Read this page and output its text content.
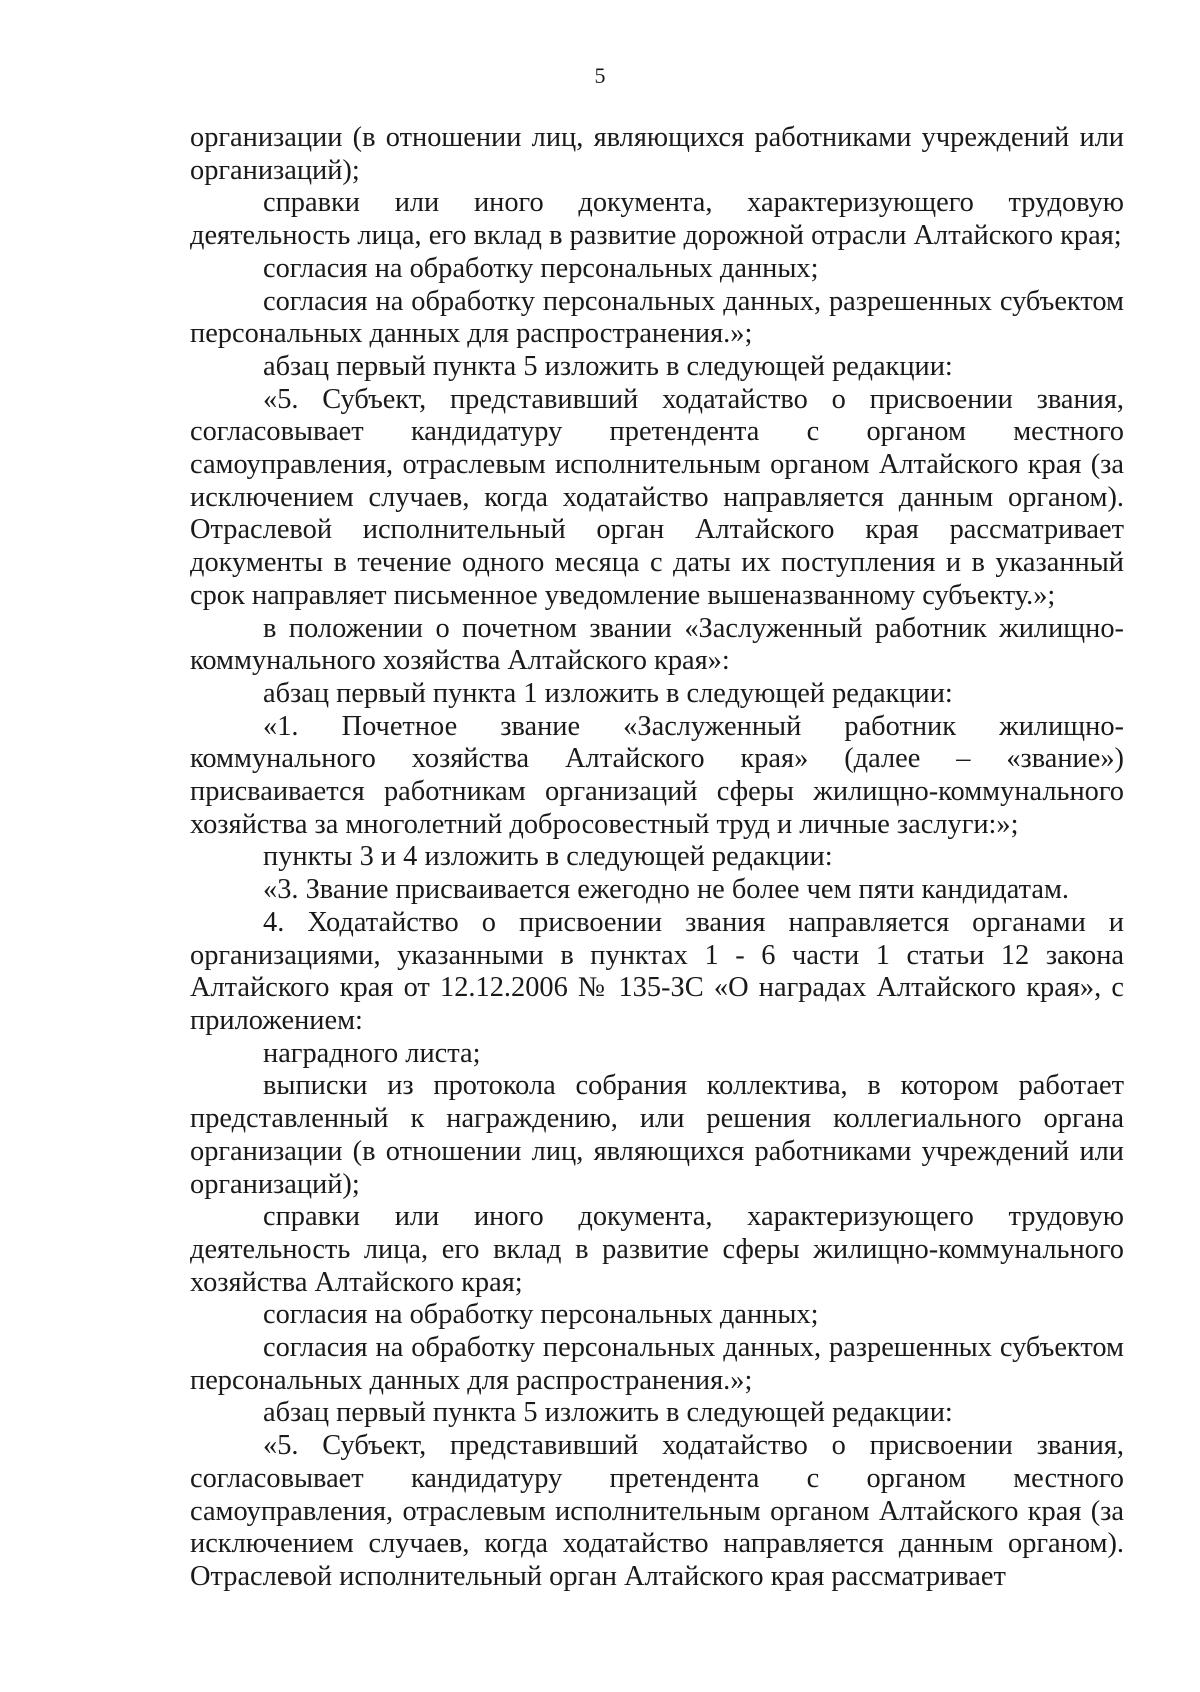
5

организации (в отношении лиц, являющихся работниками учреждений или организаций);

справки или иного документа, характеризующего трудовую деятельность лица, его вклад в развитие дорожной отрасли Алтайского края;

согласия на обработку персональных данных;

согласия на обработку персональных данных, разрешенных субъектом персональных данных для распространения.»;

абзац первый пункта 5 изложить в следующей редакции:

«5. Субъект, представивший ходатайство о присвоении звания, согласовывает кандидатуру претендента с органом местного самоуправления, отраслевым исполнительным органом Алтайского края (за исключением случаев, когда ходатайство направляется данным органом). Отраслевой исполнительный орган Алтайского края рассматривает документы в течение одного месяца с даты их поступления и в указанный срок направляет письменное уведомление вышеназванному субъекту.»;

в положении о почетном звании «Заслуженный работник жилищно-коммунального хозяйства Алтайского края»:

абзац первый пункта 1 изложить в следующей редакции:

«1. Почетное звание «Заслуженный работник жилищно-коммунального хозяйства Алтайского края» (далее – «звание») присваивается работникам организаций сферы жилищно-коммунального хозяйства за многолетний добросовестный труд и личные заслуги:»;

пункты 3 и 4 изложить в следующей редакции:

«3. Звание присваивается ежегодно не более чем пяти кандидатам.

4. Ходатайство о присвоении звания направляется органами и организациями, указанными в пунктах 1 - 6 части 1 статьи 12 закона Алтайского края от 12.12.2006 № 135-ЗС «О наградах Алтайского края», с приложением:

наградного листа;

выписки из протокола собрания коллектива, в котором работает представленный к награждению, или решения коллегиального органа организации (в отношении лиц, являющихся работниками учреждений или организаций);

справки или иного документа, характеризующего трудовую деятельность лица, его вклад в развитие сферы жилищно-коммунального хозяйства Алтайского края;

согласия на обработку персональных данных;

согласия на обработку персональных данных, разрешенных субъектом персональных данных для распространения.»;

абзац первый пункта 5 изложить в следующей редакции:

«5. Субъект, представивший ходатайство о присвоении звания, согласовывает кандидатуру претендента с органом местного самоуправления, отраслевым исполнительным органом Алтайского края (за исключением случаев, когда ходатайство направляется данным органом). Отраслевой исполнительный орган Алтайского края рассматривает
